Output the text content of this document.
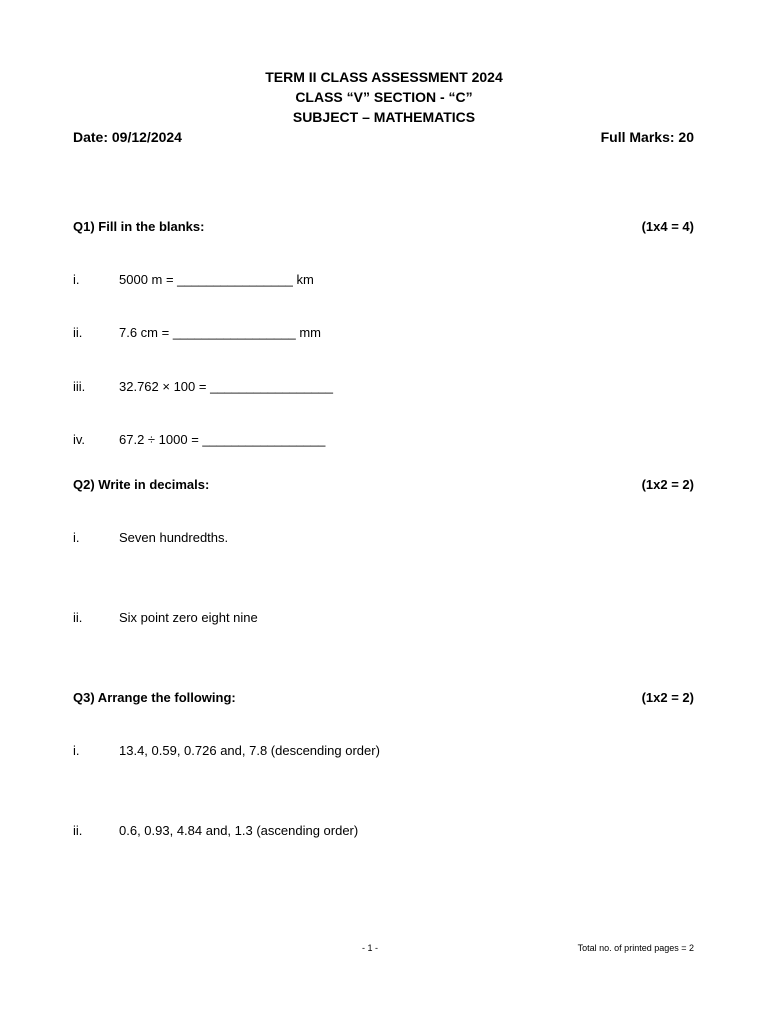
TERM II CLASS ASSESSMENT 2024
CLASS “V” SECTION - “C”
SUBJECT – MATHEMATICS
Date: 09/12/2024	Full Marks: 20
Q1) Fill in the blanks:	(1x4 = 4)
i.	5000 m = ________________ km
ii.	7.6 cm = _________________ mm
iii.	32.762 × 100 = _________________
iv.	67.2 ÷ 1000 = _________________
Q2) Write in decimals:	(1x2 = 2)
i.	Seven hundredths.
ii.	Six point zero eight nine
Q3) Arrange the following:	(1x2 = 2)
i.	13.4, 0.59, 0.726 and, 7.8 (descending order)
ii.	0.6, 0.93, 4.84 and, 1.3 (ascending order)
- 1 -	Total no. of printed pages = 2
